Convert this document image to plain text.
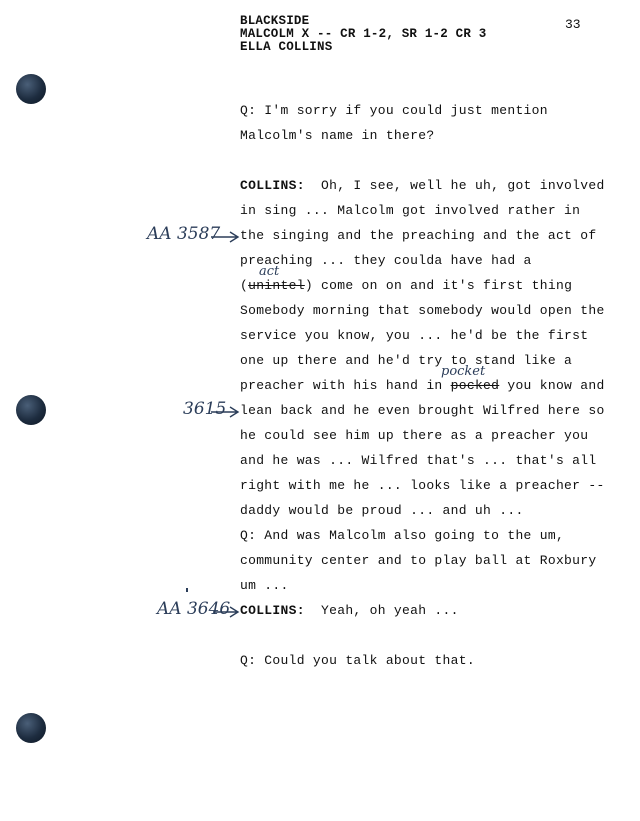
BLACKSIDE
MALCOLM X -- CR 1-2, SR 1-2 CR 3
ELLA COLLINS
33
Q: I'm sorry if you could just mention
Malcolm's name in there?
COLLINS:  Oh, I see, well he uh, got involved
in sing ... Malcolm got involved rather in
the singing and the preaching and the act of
preaching ... they coulda have had a
(unintel) come on on and it's first thing
Somebody morning that somebody would open the
service you know, you ... he'd be the first
one up there and he'd try to stand like a
preacher with his hand in pocked you know and
lean back and he even brought Wilfred here so
he could see him up there as a preacher you
and he was ... Wilfred that's ... that's all
right with me he ... looks like a preacher --
daddy would be proud ... and uh ...
Q: And was Malcolm also going to the um,
community center and to play ball at Roxbury
um ...
COLLINS:  Yeah, oh yeah ...
Q: Could you talk about that.
AA 3587
3615
AA 3646
act
pocket
